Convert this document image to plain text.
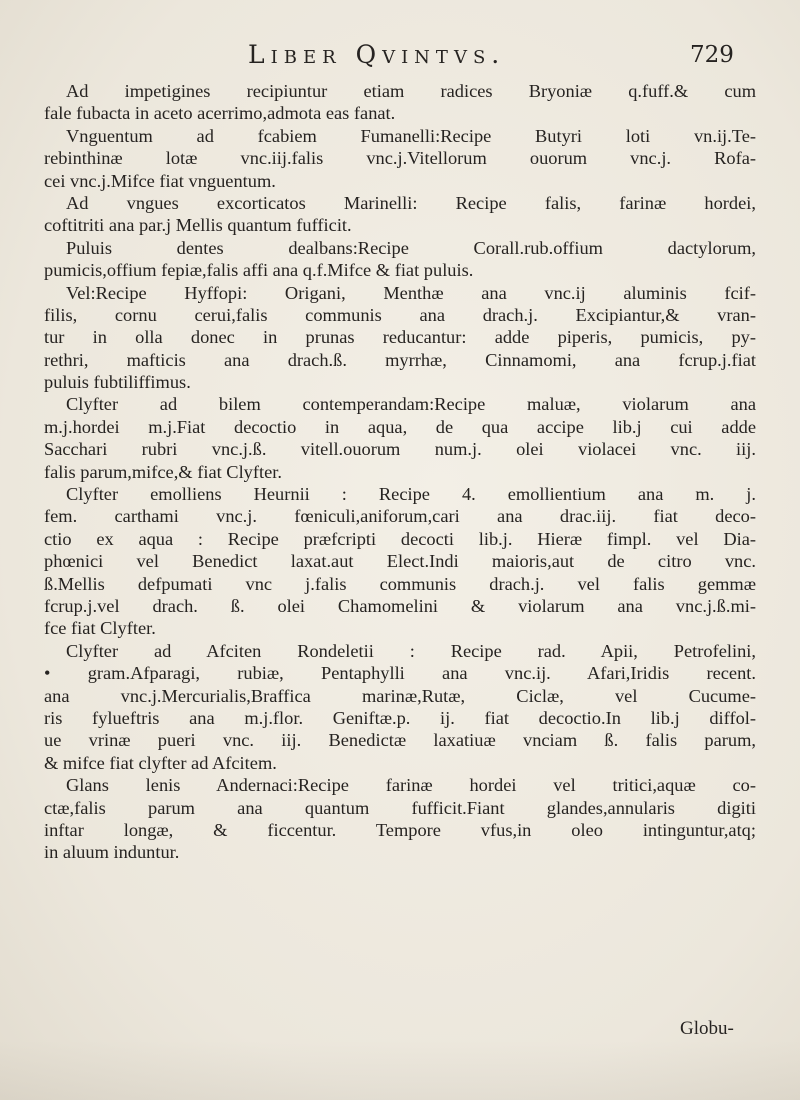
Liber Qvintvs.	729
Ad impetigines recipiuntur etiam radices Bryoniæ q.fuff.& cum
fale fubacta in aceto acerrimo,admota eas fanat.
Vnguentum ad fcabiem Fumanelli:Recipe Butyri loti vn.ij.Te-
rebinthinæ lotæ vnc.iij.falis vnc.j.Vitellorum ouorum vnc.j. Rofa-
cei vnc.j.Mifce fiat vnguentum.
Ad vngues excorticatos Marinelli: Recipe falis, farinæ hordei,
coftitriti ana par.j Mellis quantum fufficit.
Puluis dentes dealbans:Recipe Corall.rub.offium dactylorum,
pumicis,offium fepiæ,falis affi ana q.f.Mifce & fiat puluis.
Vel:Recipe Hyffopi: Origani, Menthæ ana vnc.ij aluminis fcif-
filis, cornu cerui,falis communis ana drach.j. Excipiantur,& vran-
tur in olla donec in prunas reducantur: adde piperis, pumicis, py-
rethri, mafticis ana drach.ß. myrrhæ, Cinnamomi, ana fcrup.j.fiat
puluis fubtiliffimus.
Clyfter ad bilem contemperandam:Recipe maluæ, violarum ana
m.j.hordei m.j.Fiat decoctio in aqua, de qua accipe lib.j cui adde
Sacchari rubri vnc.j.ß. vitell.ouorum num.j. olei violacei vnc. iij.
falis parum,mifce,& fiat Clyfter.
Clyfter emolliens Heurnii : Recipe 4. emollientium ana m. j.
fem. carthami vnc.j. fœniculi,aniforum,cari ana drac.iij. fiat deco-
ctio ex aqua : Recipe præfcripti decocti lib.j. Hieræ fimpl. vel Dia-
phœnici vel Benedict laxat.aut Elect.Indi maioris,aut de citro vnc.
ß.Mellis defpumati vnc j.falis communis drach.j. vel falis gemmæ
fcrup.j.vel drach. ß. olei Chamomelini & violarum ana vnc.j.ß.mi-
fce fiat Clyfter.
Clyfter ad Afciten Rondeletii : Recipe rad. Apii, Petrofelini,
• gram.Afparagi, rubiæ, Pentaphylli ana vnc.ij. Afari,Iridis recent.
ana vnc.j.Mercurialis,Braffica marinæ,Rutæ, Ciclæ, vel Cucume-
ris fylueftris ana m.j.flor. Geniftæ.p. ij. fiat decoctio.In lib.j diffol-
ue vrinæ pueri vnc. iij. Benedictæ laxatiuæ vnciam ß. falis parum,
& mifce fiat clyfter ad Afcitem.
Glans lenis Andernaci:Recipe farinæ hordei vel tritici,aquæ co-
ctæ,falis parum ana quantum fufficit.Fiant glandes,annularis digiti
inftar longæ, & ficcentur. Tempore vfus,in oleo intinguntur,atq;
in aluum induntur.
Globu-
